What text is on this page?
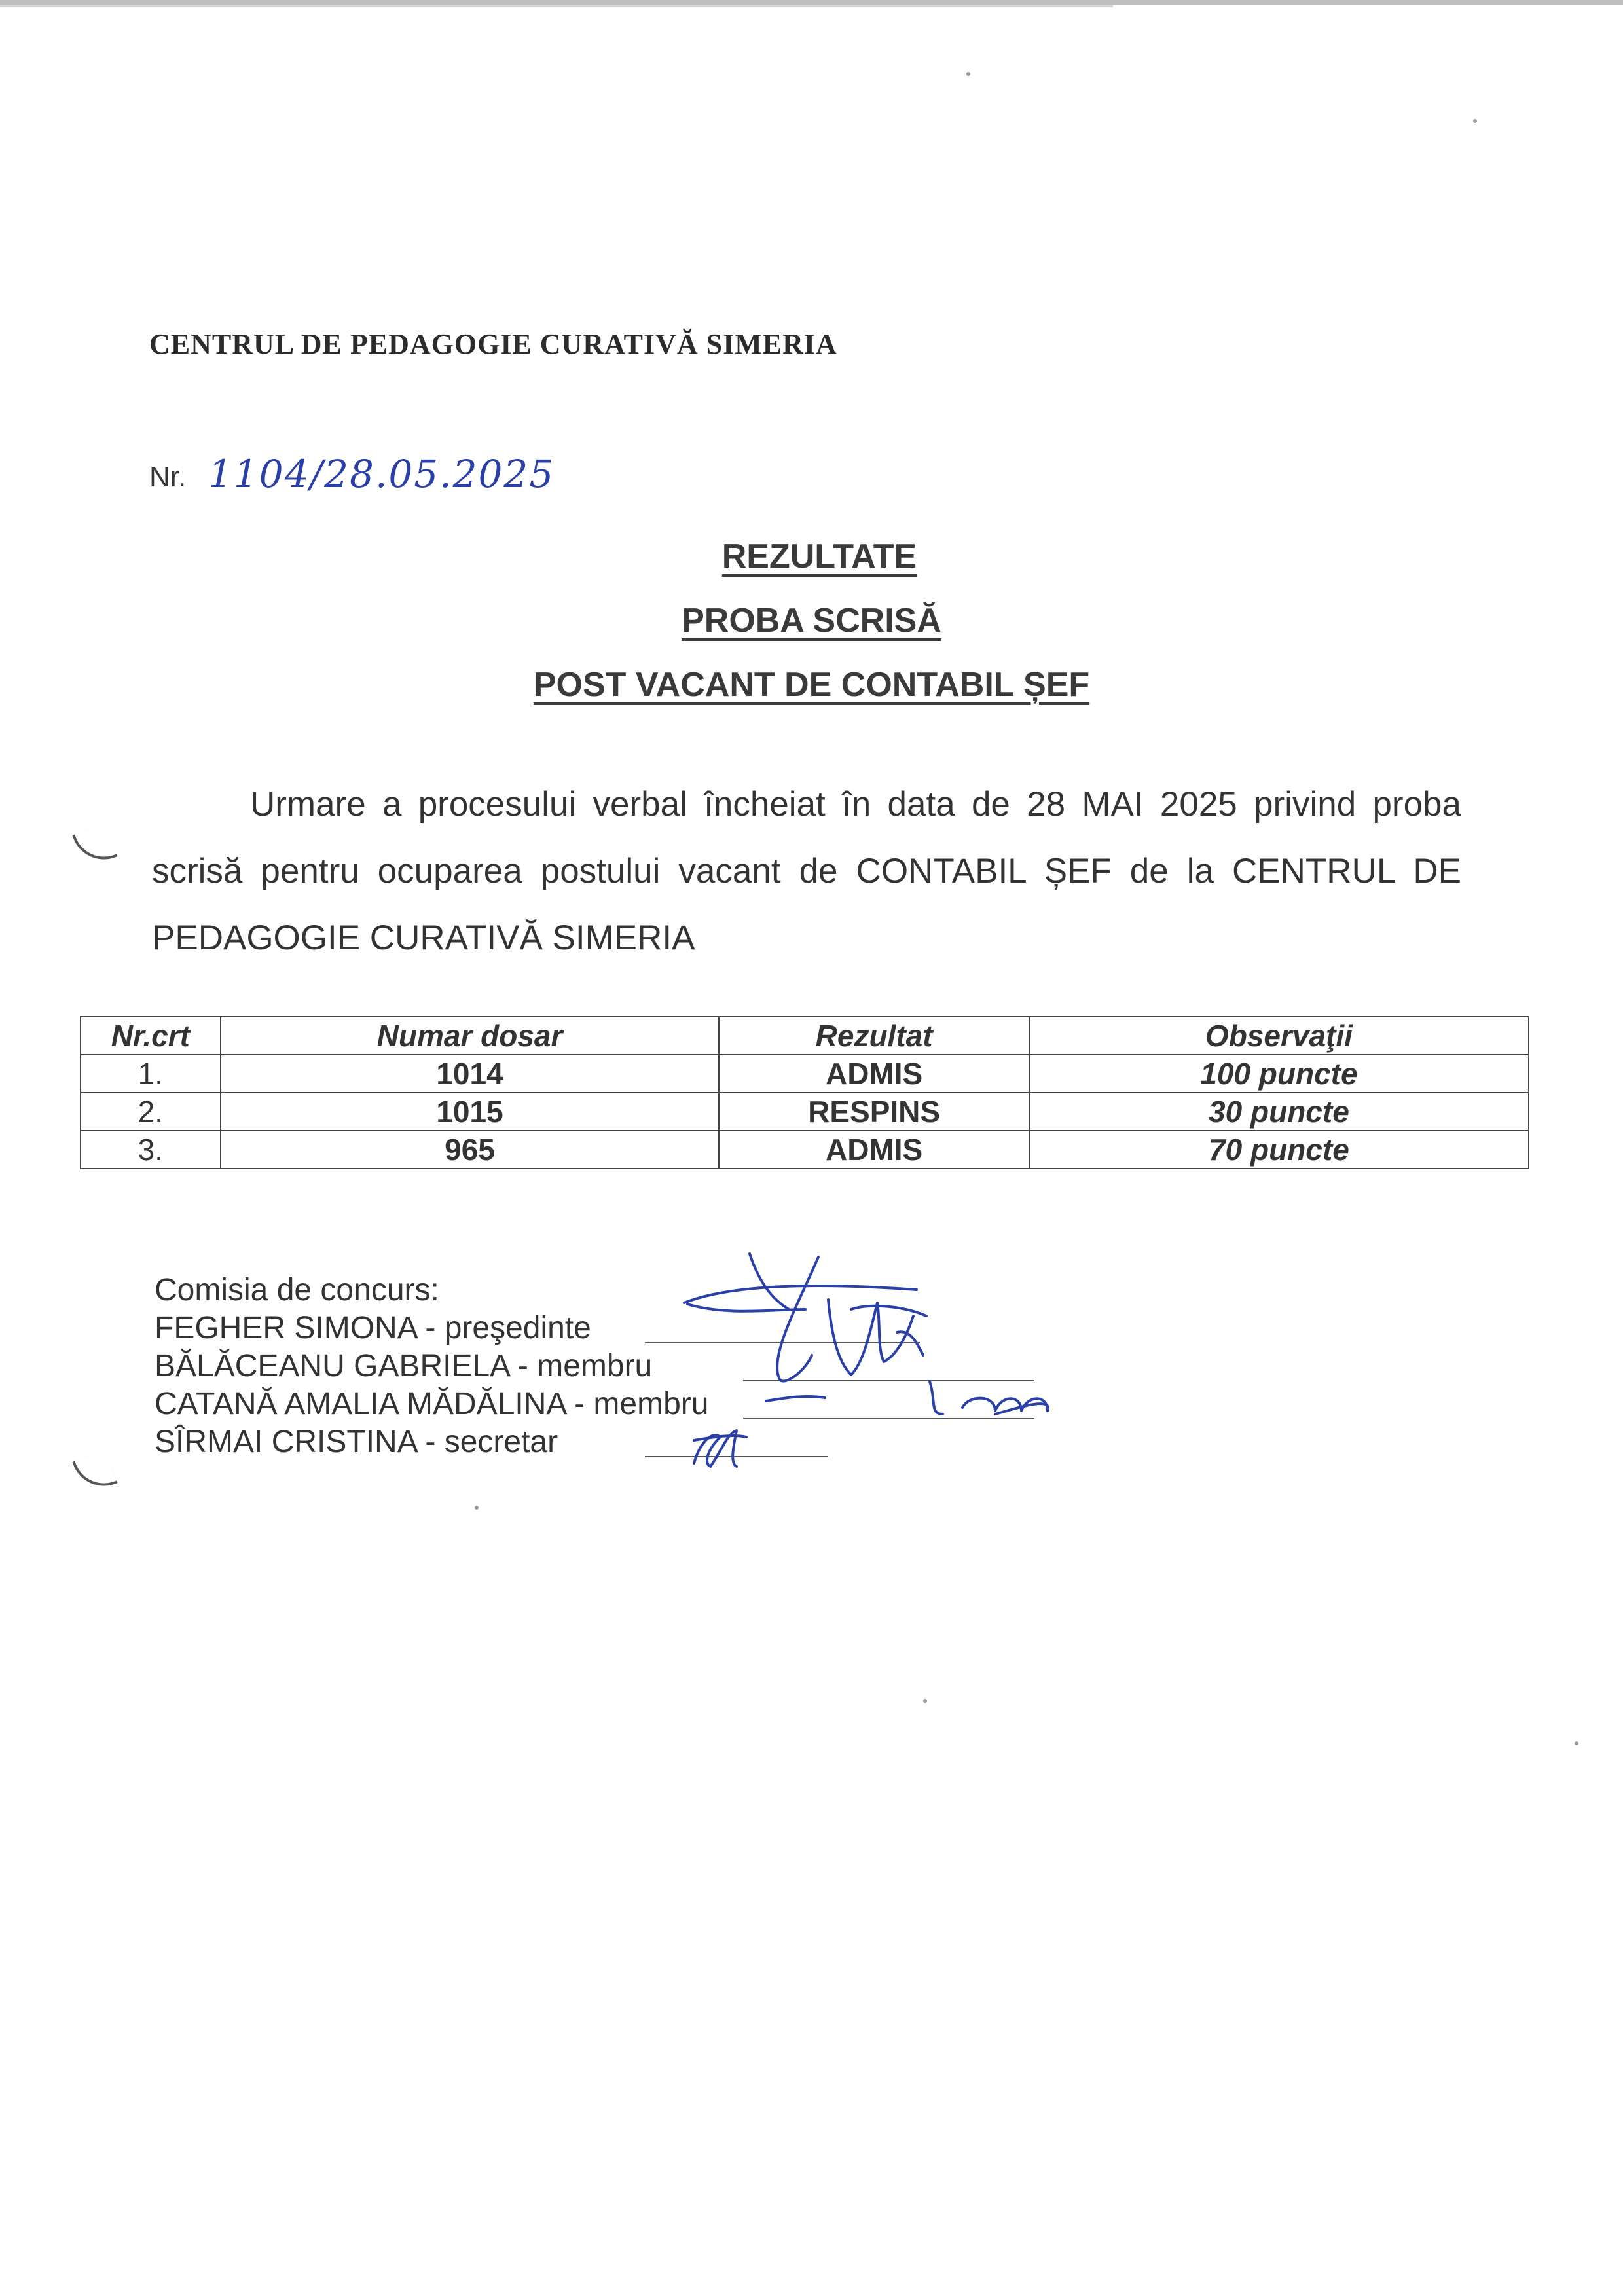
CENTRUL DE PEDAGOGIE CURATIVĂ SIMERIA
Nr. 1104/28.05.2025
REZULTATE
PROBA SCRISĂ
POST VACANT DE CONTABIL ȘEF
Urmare a procesului verbal încheiat în data de 28 MAI 2025 privind proba scrisă pentru ocuparea postului vacant de CONTABIL ȘEF de la CENTRUL DE PEDAGOGIE CURATIVĂ SIMERIA
Nr.crt	Numar dosar	Rezultat	Observaţii
1.	1014	ADMIS	100 puncte
2.	1015	RESPINS	30 puncte
3.	965	ADMIS	70 puncte
Comisia de concurs:
FEGHER SIMONA - preşedinte
BĂLĂCEANU GABRIELA - membru
CATANĂ AMALIA MĂDĂLINA - membru
SÎRMAI CRISTINA - secretar
